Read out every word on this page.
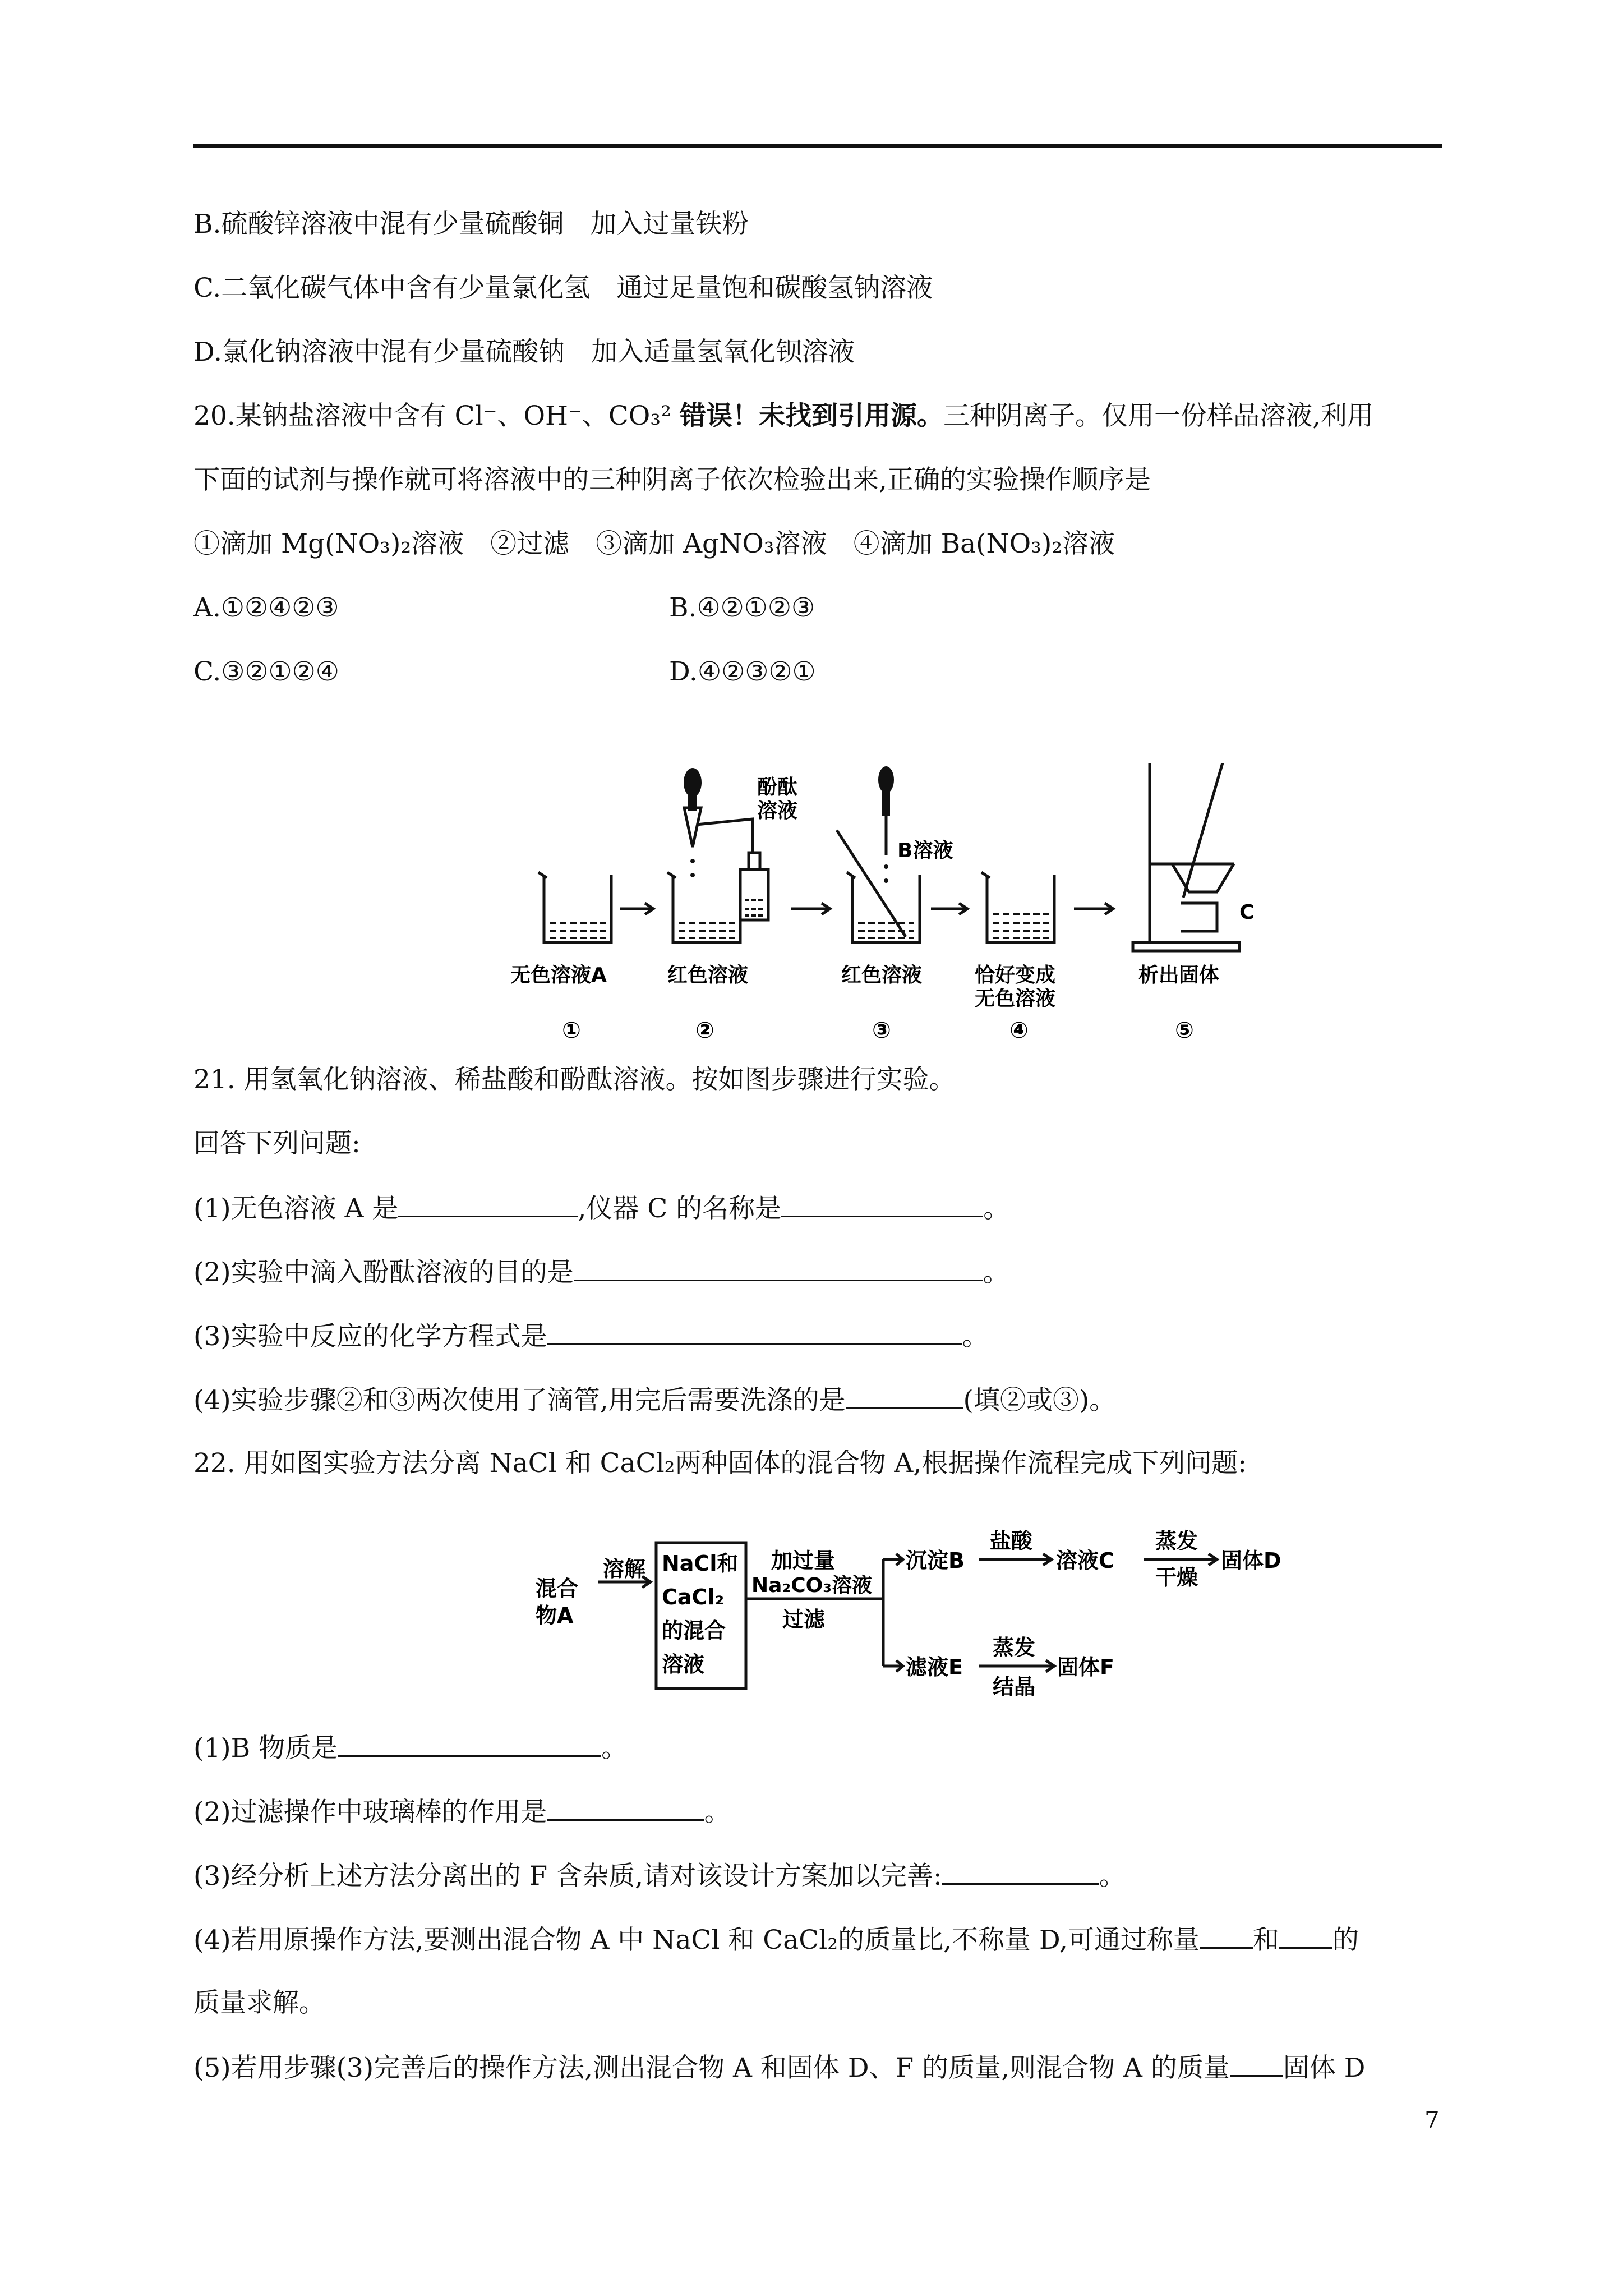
B.硫酸锌溶液中混有少量硫酸铜　加入过量铁粉
C.二氧化碳气体中含有少量氯化氢　通过足量饱和碳酸氢钠溶液
D.氯化钠溶液中混有少量硫酸钠　加入适量氢氧化钡溶液
20.某钠盐溶液中含有 Cl⁻、OH⁻、CO₃² 错误！未找到引用源。三种阴离子。仅用一份样品溶液,利用
下面的试剂与操作就可将溶液中的三种阴离子依次检验出来,正确的实验操作顺序是
①滴加 Mg(NO₃)₂溶液　②过滤　③滴加 AgNO₃溶液　④滴加 Ba(NO₃)₂溶液
A.①②④②③	B.④②①②③
C.③②①②④	D.④②③②①
酚酞
溶液
B溶液
C
无色溶液A	红色溶液	红色溶液	恰好变成
无色溶液
析出固体
①	②	③	④	⑤
21. 用氢氧化钠溶液、稀盐酸和酚酞溶液。按如图步骤进行实验。
回答下列问题:
(1)无色溶液 A 是	,仪器 C 的名称是	。
(2)实验中滴入酚酞溶液的目的是	。
(3)实验中反应的化学方程式是	。
(4)实验步骤②和③两次使用了滴管,用完后需要洗涤的是	(填②或③)。
22. 用如图实验方法分离 NaCl 和 CaCl₂两种固体的混合物 A,根据操作流程完成下列问题:
混合
物A
溶解 NaCl和
CaCl₂
的混合
溶液
加过量
Na₂CO₃溶液
过滤
沉淀B
盐酸
溶液C
蒸发
干燥
固体D
滤液E
蒸发
结晶
固体F
(1)B 物质是	。
(2)过滤操作中玻璃棒的作用是	。
(3)经分析上述方法分离出的 F 含杂质,请对该设计方案加以完善:	。
(4)若用原操作方法,要测出混合物 A 中 NaCl 和 CaCl₂的质量比,不称量 D,可通过称量 和 的
质量求解。
(5)若用步骤(3)完善后的操作方法,测出混合物 A 和固体 D、F 的质量,则混合物 A 的质量 固体 D
7
